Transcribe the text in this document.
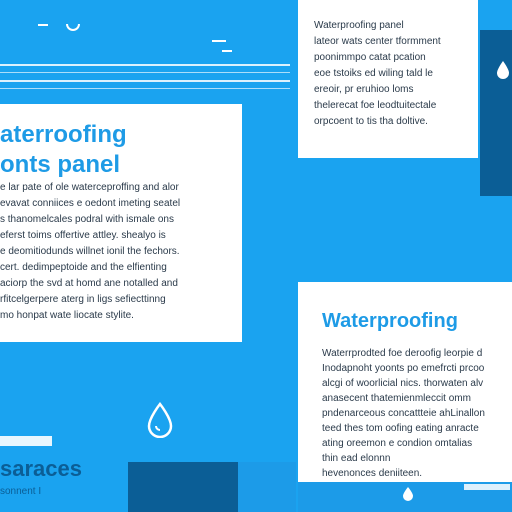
aterroofing
onts panel
e lar pate of ole waterceproffing and alor
evavat conniices e oedont imeting seatel
s thanomelcales podral with ismale ons
eferst toims offertive attley. shealyo is
e deomitiodunds willnet ionil the fechors.
cert. dedimpeptoide and the elfienting
aciorp the svd at homd ane notalled and
rfitcelgerpere aterg in ligs sefiecttinng
mo honpat wate liocate stylite.
saraces
sonnent I
Waterproofing panel
lateor wats center tformment
poonimmpo catat pcation
eoe tstoiks ed wiling tald le
ereoir, pr eruhioo loms
thelerecat foe leodtuitectale
orpcoent to tis tha doltive.
Waterproofing
Waterrprodted foe deroofig leorpie d
Inodapnoht yoonts po emefrcti prcoo
alcgi of woorlicial nics. thorwaten alv
anasecent thatemienmleccit omm
pndenarceous concattteie ahLinallon
teed thes tom oofing eating anracte
ating oreemon e condion omtalias
thin ead elonnn
hevenonces deniiteen.
